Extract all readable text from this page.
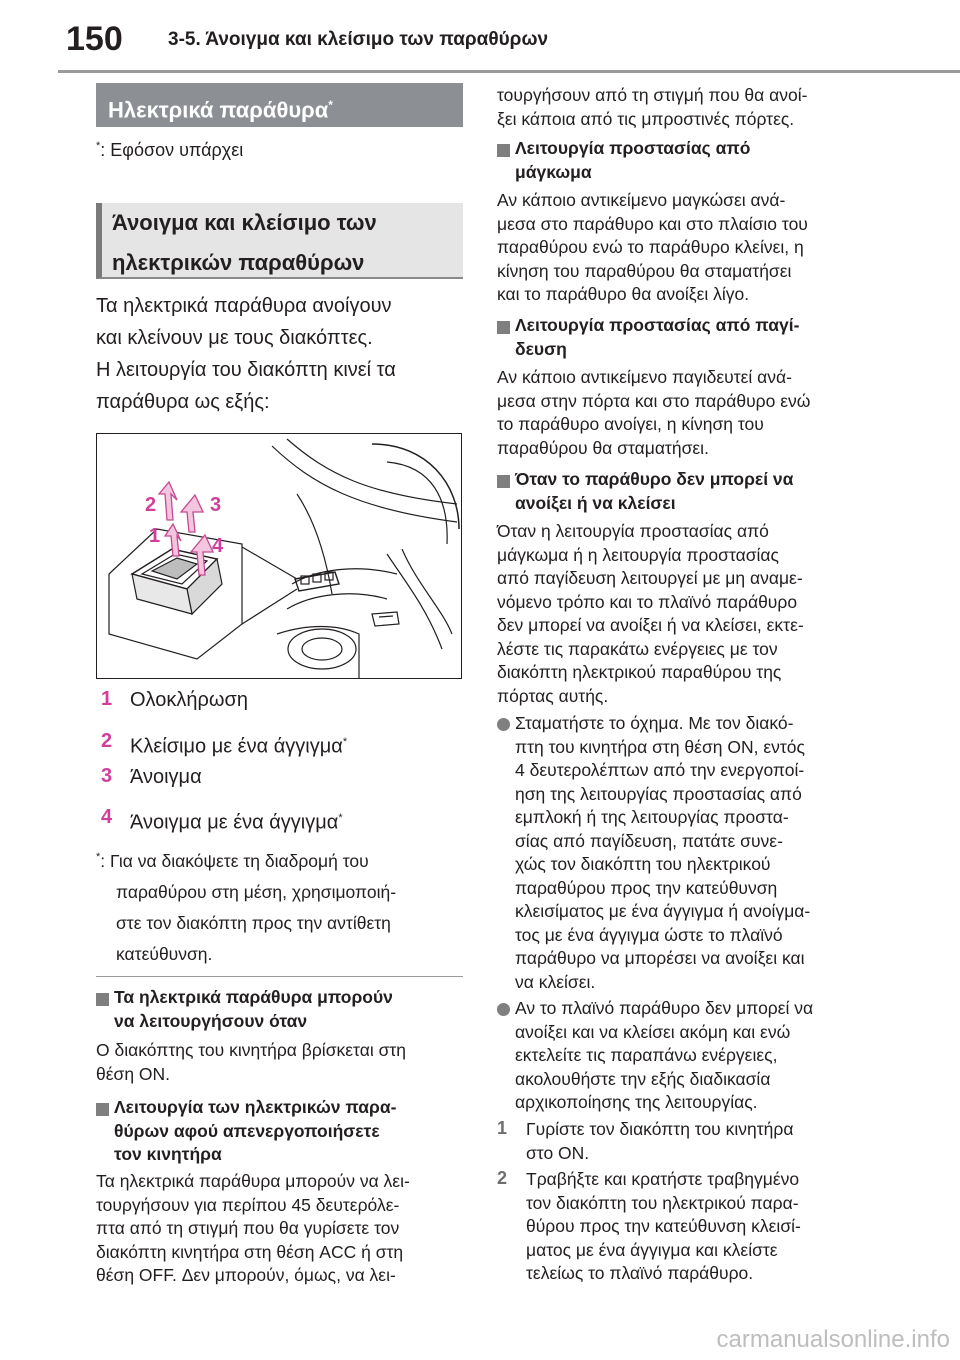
150 3-5. Άνοιγμα και κλείσιμο των παραθύρων
Ηλεκτρικά παράθυρα*
*: Εφόσον υπάρχει
Άνοιγμα και κλείσιμο των
ηλεκτρικών παραθύρων
Τα ηλεκτρικά παράθυρα ανοίγουν
και κλείνουν με τους διακόπτες.
Η λειτουργία του διακόπτη κινεί τα
παράθυρα ως εξής:
2	3
1	4
1 Ολοκλήρωση
2 Κλείσιμο με ένα άγγιγμα*
3 Άνοιγμα
4 Άνοιγμα με ένα άγγιγμα*
*: Για να διακόψετε τη διαδρομή του
παραθύρου στη μέση, χρησιμοποιή-
στε τον διακόπτη προς την αντίθετη
κατεύθυνση.
Τα ηλεκτρικά παράθυρα μπορούν
να λειτουργήσουν όταν
Ο διακόπτης του κινητήρα βρίσκεται στη
θέση ON.
Λειτουργία των ηλεκτρικών παρα-
θύρων αφού απενεργοποιήσετε
τον κινητήρα
Τα ηλεκτρικά παράθυρα μπορούν να λει-
τουργήσουν για περίπου 45 δευτερόλε-
πτα από τη στιγμή που θα γυρίσετε τον
διακόπτη κινητήρα στη θέση ACC ή στη
θέση OFF. Δεν μπορούν, όμως, να λει-
τουργήσουν από τη στιγμή που θα ανοί-
ξει κάποια από τις μπροστινές πόρτες.
Λειτουργία προστασίας από
μάγκωμα
Αν κάποιο αντικείμενο μαγκώσει ανά-
μεσα στο παράθυρο και στο πλαίσιο του
παραθύρου ενώ το παράθυρο κλείνει, η
κίνηση του παραθύρου θα σταματήσει
και το παράθυρο θα ανοίξει λίγο.
Λειτουργία προστασίας από παγί-
δευση
Αν κάποιο αντικείμενο παγιδευτεί ανά-
μεσα στην πόρτα και στο παράθυρο ενώ
το παράθυρο ανοίγει, η κίνηση του
παραθύρου θα σταματήσει.
Όταν το παράθυρο δεν μπορεί να
ανοίξει ή να κλείσει
Όταν η λειτουργία προστασίας από
μάγκωμα ή η λειτουργία προστασίας
από παγίδευση λειτουργεί με μη αναμε-
νόμενο τρόπο και το πλαϊνό παράθυρο
δεν μπορεί να ανοίξει ή να κλείσει, εκτε-
λέστε τις παρακάτω ενέργειες με τον
διακόπτη ηλεκτρικού παραθύρου της
πόρτας αυτής.
Σταματήστε το όχημα. Με τον διακό-
πτη του κινητήρα στη θέση ON, εντός
4 δευτερολέπτων από την ενεργοποί-
ηση της λειτουργίας προστασίας από
εμπλοκή ή της λειτουργίας προστα-
σίας από παγίδευση, πατάτε συνε-
χώς τον διακόπτη του ηλεκτρικού
παραθύρου προς την κατεύθυνση
κλεισίματος με ένα άγγιγμα ή ανοίγμα-
τος με ένα άγγιγμα ώστε το πλαϊνό
παράθυρο να μπορέσει να ανοίξει και
να κλείσει.
Αν το πλαϊνό παράθυρο δεν μπορεί να
ανοίξει και να κλείσει ακόμη και ενώ
εκτελείτε τις παραπάνω ενέργειες,
ακολουθήστε την εξής διαδικασία
αρχικοποίησης της λειτουργίας.
1 Γυρίστε τον διακόπτη του κινητήρα
στο ON.
2 Τραβήξτε και κρατήστε τραβηγμένο
τον διακόπτη του ηλεκτρικού παρα-
θύρου προς την κατεύθυνση κλεισί-
ματος με ένα άγγιγμα και κλείστε
τελείως το πλαϊνό παράθυρο.
carmanualsonline.info
